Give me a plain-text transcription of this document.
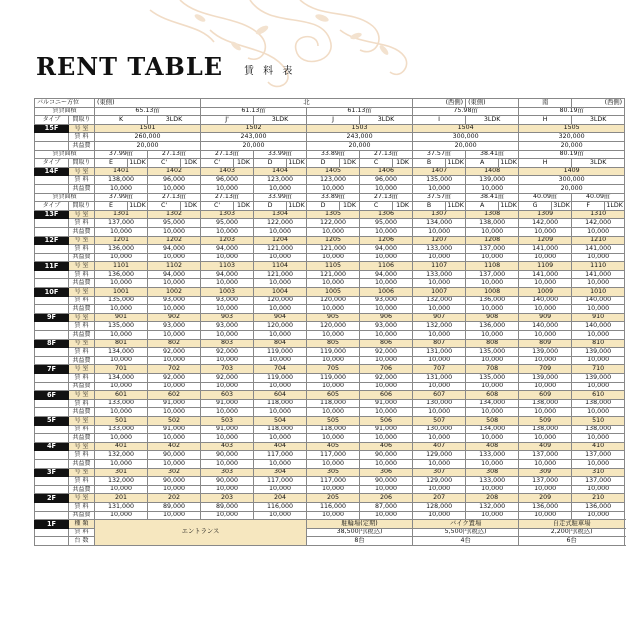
RENT TABLE 賃 料 表
バルコニー方位		(東側)				北								(西側)		(東側)		南		(西側)		
賃貸面積		65.13㎡				61.13㎡				61.13㎡				75.98㎡				80.19㎡				
タイプ	間取り	K		3LDK		J'		3LDK		J		3LDK		I		3LDK		H		3LDK		
15F	号 室	1501				1502				1503				1504				1505				
	賃 料	260,000				243,000				243,000				300,000				320,000				
	共益費	20,000				20,000				20,000				20,000				20,000				
賃貸面積		37.99㎡		27.13㎡		27.13㎡		33.99㎡		33.89㎡		27.13㎡		37.57㎡		38.41㎡		80.19㎡				
タイプ	間取り	E	1LDK	C'	1DK	C'	1DK	D	1LDK	D	1DK	C	1DK	B	1LDK	A	1LDK	H		3LDK		
14F	号 室	1401		1402		1403		1404		1405		1406		1407		1408		1409				
	賃 料	138,000		96,000		96,000		123,000		123,000		96,000		135,000		139,000		300,000				
	共益費	10,000		10,000		10,000		10,000		10,000		10,000		10,000		10,000		20,000				
賃貸面積		37.99㎡		27.13㎡		27.13㎡		33.99㎡		33.89㎡		27.13㎡		37.57㎡		38.41㎡		40.09㎡		40.09㎡		
タイプ	間取り	E	1LDK	C'	1DK	C'	1DK	D	1LDK	D	1DK	C	1DK	B	1LDK	A	1LDK	G	3LDK	F	1LDK	
13F	号 室	1301		1302		1303		1304		1305		1306		1307		1308		1309		1310		
	賃 料	137,000		95,000		95,000		122,000		122,000		95,000		134,000		138,000		142,000		142,000		
	共益費	10,000		10,000		10,000		10,000		10,000		10,000		10,000		10,000		10,000		10,000		
12F	号 室	1201		1202		1203		1204		1205		1206		1207		1208		1209		1210		
	賃 料	136,000		94,000		94,000		121,000		121,000		94,000		133,000		137,000		141,000		141,000		
	共益費	10,000		10,000		10,000		10,000		10,000		10,000		10,000		10,000		10,000		10,000		
11F	号 室	1101		1102		1103		1104		1105		1106		1107		1108		1109		1110		
	賃 料	136,000		94,000		94,000		121,000		121,000		94,000		133,000		137,000		141,000		141,000		
	共益費	10,000		10,000		10,000		10,000		10,000		10,000		10,000		10,000		10,000		10,000		
10F	号 室	1001		1002		1003		1004		1005		1006		1007		1008		1009		1010		
	賃 料	135,000		93,000		93,000		120,000		120,000		93,000		132,000		136,000		140,000		140,000		
	共益費	10,000		10,000		10,000		10,000		10,000		10,000		10,000		10,000		10,000		10,000		
9F	号 室	901		902		903		904		905		906		907		908		909		910		
	賃 料	135,000		93,000		93,000		120,000		120,000		93,000		132,000		136,000		140,000		140,000		
	共益費	10,000		10,000		10,000		10,000		10,000		10,000		10,000		10,000		10,000		10,000		
8F	号 室	801		802		803		804		805		806		807		808		809		810		
	賃 料	134,000		92,000		92,000		119,000		119,000		92,000		131,000		135,000		139,000		139,000		
	共益費	10,000		10,000		10,000		10,000		10,000		10,000		10,000		10,000		10,000		10,000		
7F	号 室	701		702		703		704		705		706		707		708		709		710		
	賃 料	134,000		92,000		92,000		119,000		119,000		92,000		131,000		135,000		139,000		139,000		
	共益費	10,000		10,000		10,000		10,000		10,000		10,000		10,000		10,000		10,000		10,000		
6F	号 室	601		602		603		604		605		606		607		608		609		610		
	賃 料	133,000		91,000		91,000		118,000		118,000		91,000		130,000		134,000		138,000		138,000		
	共益費	10,000		10,000		10,000		10,000		10,000		10,000		10,000		10,000		10,000		10,000		
5F	号 室	501		502		503		504		505		506		507		508		509		510		
	賃 料	133,000		91,000		91,000		118,000		118,000		91,000		130,000		134,000		138,000		138,000		
	共益費	10,000		10,000		10,000		10,000		10,000		10,000		10,000		10,000		10,000		10,000		
4F	号 室	401		402		403		404		405		406		407		408		409		410		
	賃 料	132,000		90,000		90,000		117,000		117,000		90,000		129,000		133,000		137,000		137,000		
	共益費	10,000		10,000		10,000		10,000		10,000		10,000		10,000		10,000		10,000		10,000		
3F	号 室	301		302		303		304		305		306		307		308		309		310		
	賃 料	132,000		90,000		90,000		117,000		117,000		90,000		129,000		133,000		137,000		137,000		
	共益費	10,000		10,000		10,000		10,000		10,000		10,000		10,000		10,000		10,000		10,000		
2F	号 室	201		202		203		204		205		206		207		208		209		210		
	賃 料	131,000		89,000		89,000		116,000		116,000		87,000		128,000		132,000		136,000		136,000		
	共益費	10,000		10,000		10,000		10,000		10,000		10,000		10,000		10,000		10,000		10,000		
1F	種 類	エントランス								駐輪場(定期)				バイク置場				自走式駐車場	
	賃 料									38,500円(税込)				5,500円(税込)				2,200円(税込)	
	台 数									8台				4台				6台	
